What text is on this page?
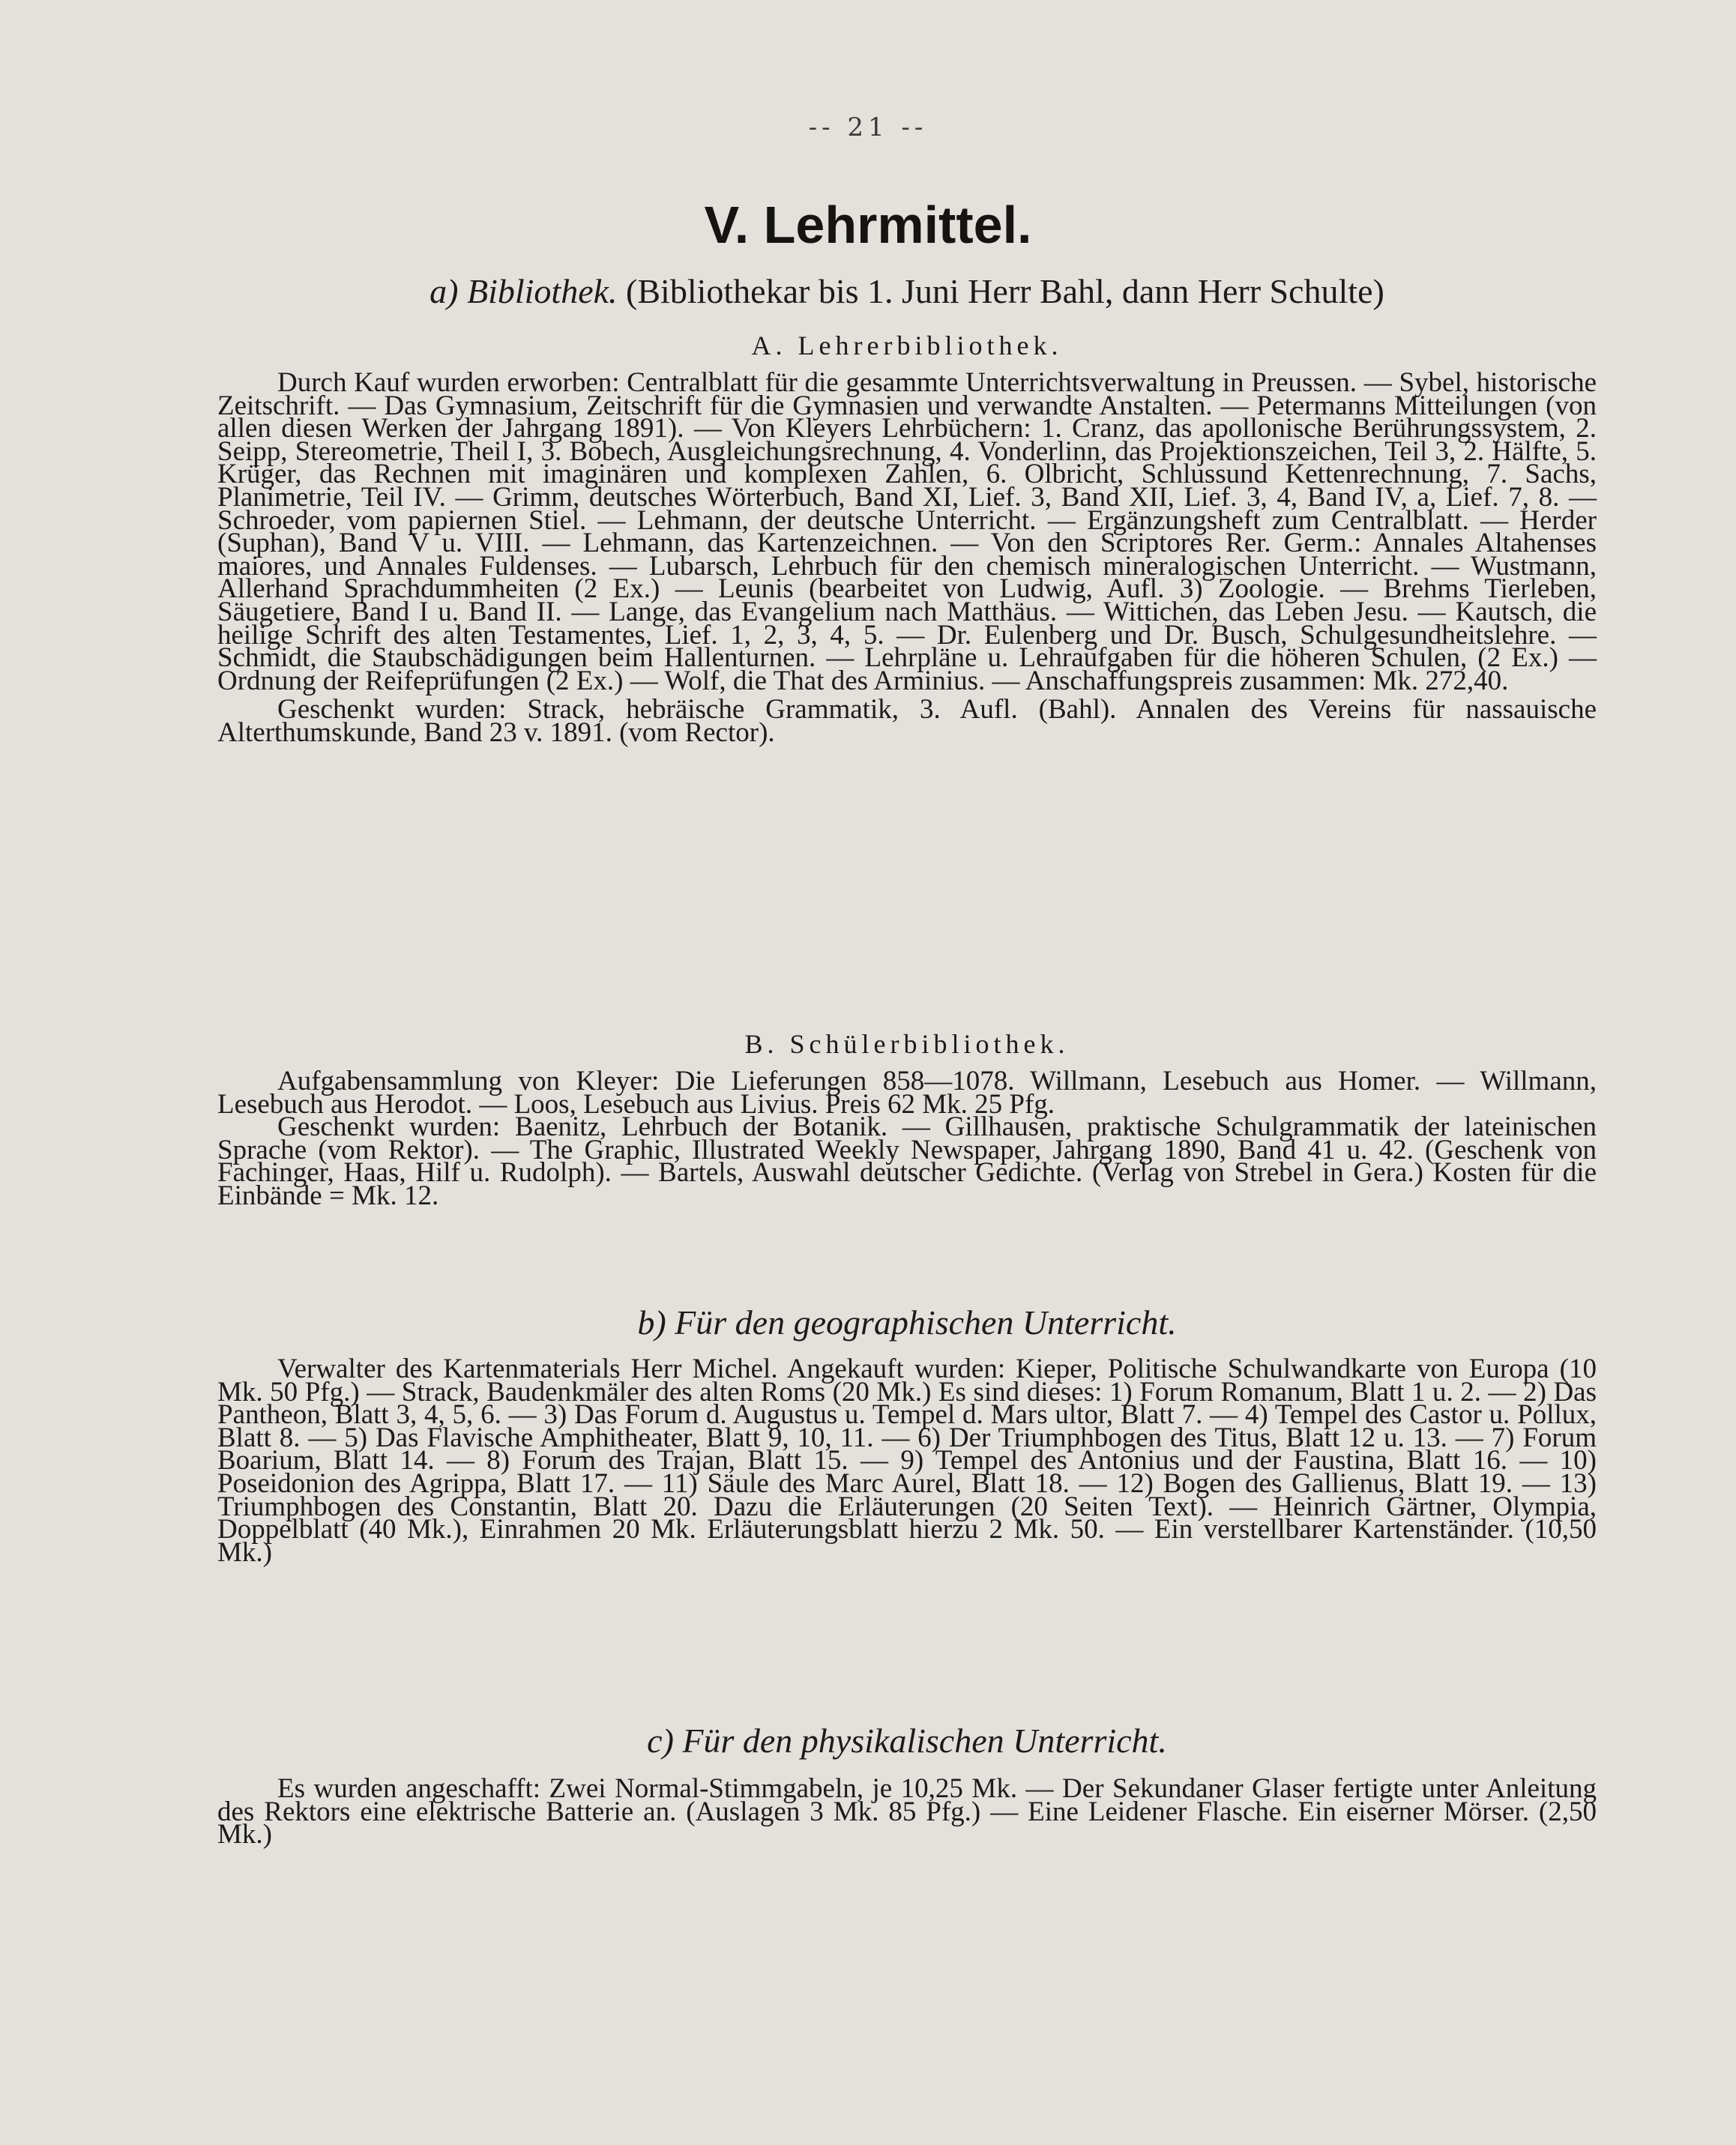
-- 21 --
V. Lehrmittel.

a) Bibliothek. (Bibliothekar bis 1. Juni Herr Bahl, dann Herr Schulte)

A. Lehrerbibliothek.

Durch Kauf wurden erworben: Centralblatt für die gesammte Unterrichtsverwaltung in Preussen. — Sybel, historische Zeitschrift. — Das Gymnasium, Zeitschrift für die Gymnasien und verwandte Anstalten. — Petermanns Mitteilungen (von allen diesen Werken der Jahrgang 1891). — Von Kleyers Lehrbüchern: 1. Cranz, das apollonische Berührungssystem, 2. Seipp, Stereometrie, Theil I, 3. Bobech, Ausgleichungsrechnung, 4. Vonderlinn, das Projektionszeichen, Teil 3, 2. Hälfte, 5. Krüger, das Rechnen mit imaginären und komplexen Zahlen, 6. Olbricht, Schlussund Kettenrechnung, 7. Sachs, Planimetrie, Teil IV. — Grimm, deutsches Wörterbuch, Band XI, Lief. 3, Band XII, Lief. 3, 4, Band IV, a, Lief. 7, 8. — Schroeder, vom papiernen Stiel. — Lehmann, der deutsche Unterricht. — Ergänzungsheft zum Centralblatt. — Herder (Suphan), Band V u. VIII. — Lehmann, das Kartenzeichnen. — Von den Scriptores Rer. Germ.: Annales Altahenses maiores, und Annales Fuldenses. — Lubarsch, Lehrbuch für den chemisch mineralogischen Unterricht. — Wustmann, Allerhand Sprachdummheiten (2 Ex.) — Leunis (bearbeitet von Ludwig, Aufl. 3) Zoologie. — Brehms Tierleben, Säugetiere, Band I u. Band II. — Lange, das Evangelium nach Matthäus. — Wittichen, das Leben Jesu. — Kautsch, die heilige Schrift des alten Testamentes, Lief. 1, 2, 3, 4, 5. — Dr. Eulenberg und Dr. Busch, Schulgesundheitslehre. — Schmidt, die Staubschädigungen beim Hallenturnen. — Lehrpläne u. Lehraufgaben für die höheren Schulen, (2 Ex.) — Ordnung der Reifeprüfungen (2 Ex.) — Wolf, die That des Arminius. — Anschaffungspreis zusammen: Mk. 272,40.

Geschenkt wurden: Strack, hebräische Grammatik, 3. Aufl. (Bahl). Annalen des Vereins für nassauische Alterthumskunde, Band 23 v. 1891. (vom Rector).

B. Schülerbibliothek.

Aufgabensammlung von Kleyer: Die Lieferungen 858—1078. Willmann, Lesebuch aus Homer. — Willmann, Lesebuch aus Herodot. — Loos, Lesebuch aus Livius. Preis 62 Mk. 25 Pfg.

Geschenkt wurden: Baenitz, Lehrbuch der Botanik. — Gillhausen, praktische Schulgrammatik der lateinischen Sprache (vom Rektor). — The Graphic, Illustrated Weekly Newspaper, Jahrgang 1890, Band 41 u. 42. (Geschenk von Fachinger, Haas, Hilf u. Rudolph). — Bartels, Auswahl deutscher Gedichte. (Verlag von Strebel in Gera.) Kosten für die Einbände = Mk. 12.

b) Für den geographischen Unterricht.

Verwalter des Kartenmaterials Herr Michel. Angekauft wurden: Kieper, Politische Schulwandkarte von Europa (10 Mk. 50 Pfg.) — Strack, Baudenkmäler des alten Roms (20 Mk.) Es sind dieses: 1) Forum Romanum, Blatt 1 u. 2. — 2) Das Pantheon, Blatt 3, 4, 5, 6. — 3) Das Forum d. Augustus u. Tempel d. Mars ultor, Blatt 7. — 4) Tempel des Castor u. Pollux, Blatt 8. — 5) Das Flavische Amphitheater, Blatt 9, 10, 11. — 6) Der Triumphbogen des Titus, Blatt 12 u. 13. — 7) Forum Boarium, Blatt 14. — 8) Forum des Trajan, Blatt 15. — 9) Tempel des Antonius und der Faustina, Blatt 16. — 10) Poseidonion des Agrippa, Blatt 17. — 11) Säule des Marc Aurel, Blatt 18. — 12) Bogen des Gallienus, Blatt 19. — 13) Triumphbogen des Constantin, Blatt 20. Dazu die Erläuterungen (20 Seiten Text). — Heinrich Gärtner, Olympia, Doppelblatt (40 Mk.), Einrahmen 20 Mk. Erläuterungsblatt hierzu 2 Mk. 50. — Ein verstellbarer Kartenständer. (10,50 Mk.)

c) Für den physikalischen Unterricht.

Es wurden angeschafft: Zwei Normal-Stimmgabeln, je 10,25 Mk. — Der Sekundaner Glaser fertigte unter Anleitung des Rektors eine elektrische Batterie an. (Auslagen 3 Mk. 85 Pfg.) — Eine Leidener Flasche. Ein eiserner Mörser. (2,50 Mk.)
